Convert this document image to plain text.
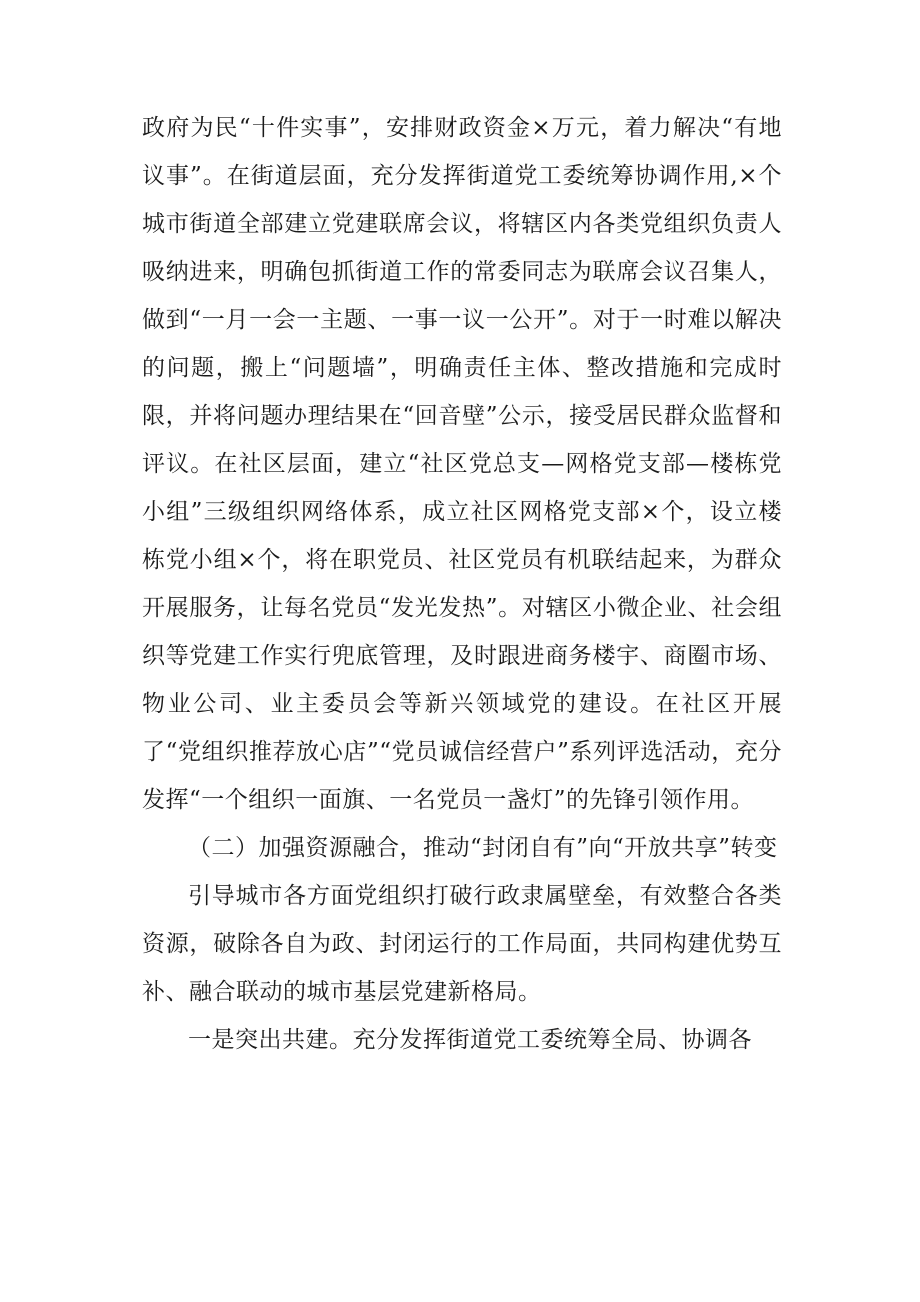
政府为民“十件实事”，安排财政资金×万元，着力解决“有地议事”。在街道层面，充分发挥街道党工委统筹协调作用,×个城市街道全部建立党建联席会议，将辖区内各类党组织负责人吸纳进来，明确包抓街道工作的常委同志为联席会议召集人，做到“一月一会一主题、一事一议一公开”。对于一时难以解决的问题，搬上“问题墙”，明确责任主体、整改措施和完成时限，并将问题办理结果在“回音壁”公示，接受居民群众监督和评议。在社区层面，建立“社区党总支—网格党支部—楼栋党小组”三级组织网络体系，成立社区网格党支部×个，设立楼栋党小组×个，将在职党员、社区党员有机联结起来，为群众开展服务，让每名党员“发光发热”。对辖区小微企业、社会组织等党建工作实行兜底管理，及时跟进商务楼宇、商圈市场、物业公司、业主委员会等新兴领域党的建设。在社区开展了“党组织推荐放心店”“党员诚信经营户”系列评选活动，充分发挥“一个组织一面旗、一名党员一盏灯”的先锋引领作用。

（二）加强资源融合，推动“封闭自有”向“开放共享”转变

引导城市各方面党组织打破行政隶属壁垒，有效整合各类资源，破除各自为政、封闭运行的工作局面，共同构建优势互补、融合联动的城市基层党建新格局。

一是突出共建。充分发挥街道党工委统筹全局、协调各
